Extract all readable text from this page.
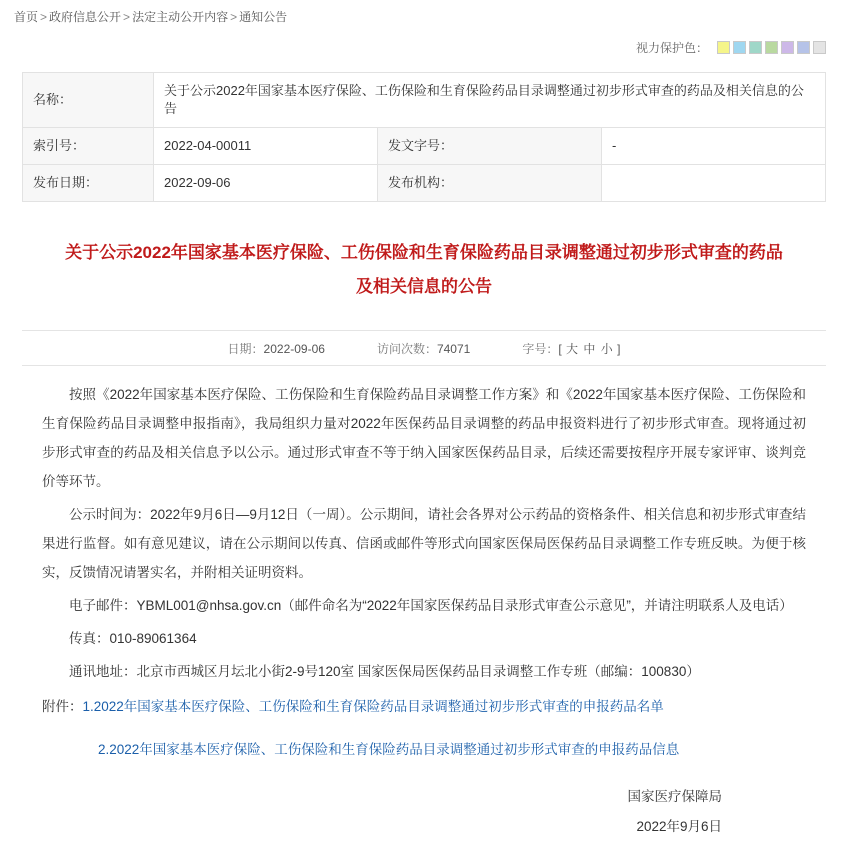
首页 > 政府信息公开 > 法定主动公开内容 > 通知公告
视力保护色：
名称：	关于公示2022年国家基本医疗保险、工伤保险和生育保险药品目录调整通过初步形式审查的药品及相关信息的公告		
索引号：	2022-04-00011	发文字号：	-
发布日期：	2022-09-06	发布机构：	
关于公示2022年国家基本医疗保险、工伤保险和生育保险药品目录调整通过初步形式审查的药品及相关信息的公告
日期：2022-09-06	访问次数：74071	字号：[ 大 中 小 ]

按照《2022年国家基本医疗保险、工伤保险和生育保险药品目录调整工作方案》和《2022年国家基本医疗保险、工伤保险和生育保险药品目录调整申报指南》，我局组织力量对2022年医保药品目录调整的药品申报资料进行了初步形式审查。现将通过初步形式审查的药品及相关信息予以公示。通过形式审查不等于纳入国家医保药品目录，后续还需要按程序开展专家评审、谈判竞价等环节。

公示时间为：2022年9月6日—9月12日（一周）。公示期间，请社会各界对公示药品的资格条件、相关信息和初步形式审查结果进行监督。如有意见建议，请在公示期间以传真、信函或邮件等形式向国家医保局医保药品目录调整工作专班反映。为便于核实，反馈情况请署实名，并附相关证明资料。

电子邮件：YBML001@nhsa.gov.cn（邮件命名为“2022年国家医保药品目录形式审查公示意见”，并请注明联系人及电话）

传真：010-89061364

通讯地址：北京市西城区月坛北小街2-9号120室 国家医保局医保药品目录调整工作专班（邮编：100830）

附件：1.2022年国家基本医疗保险、工伤保险和生育保险药品目录调整通过初步形式审查的申报药品名单

2.2022年国家基本医疗保险、工伤保险和生育保险药品目录调整通过初步形式审查的申报药品信息

国家医疗保障局
2022年9月6日
